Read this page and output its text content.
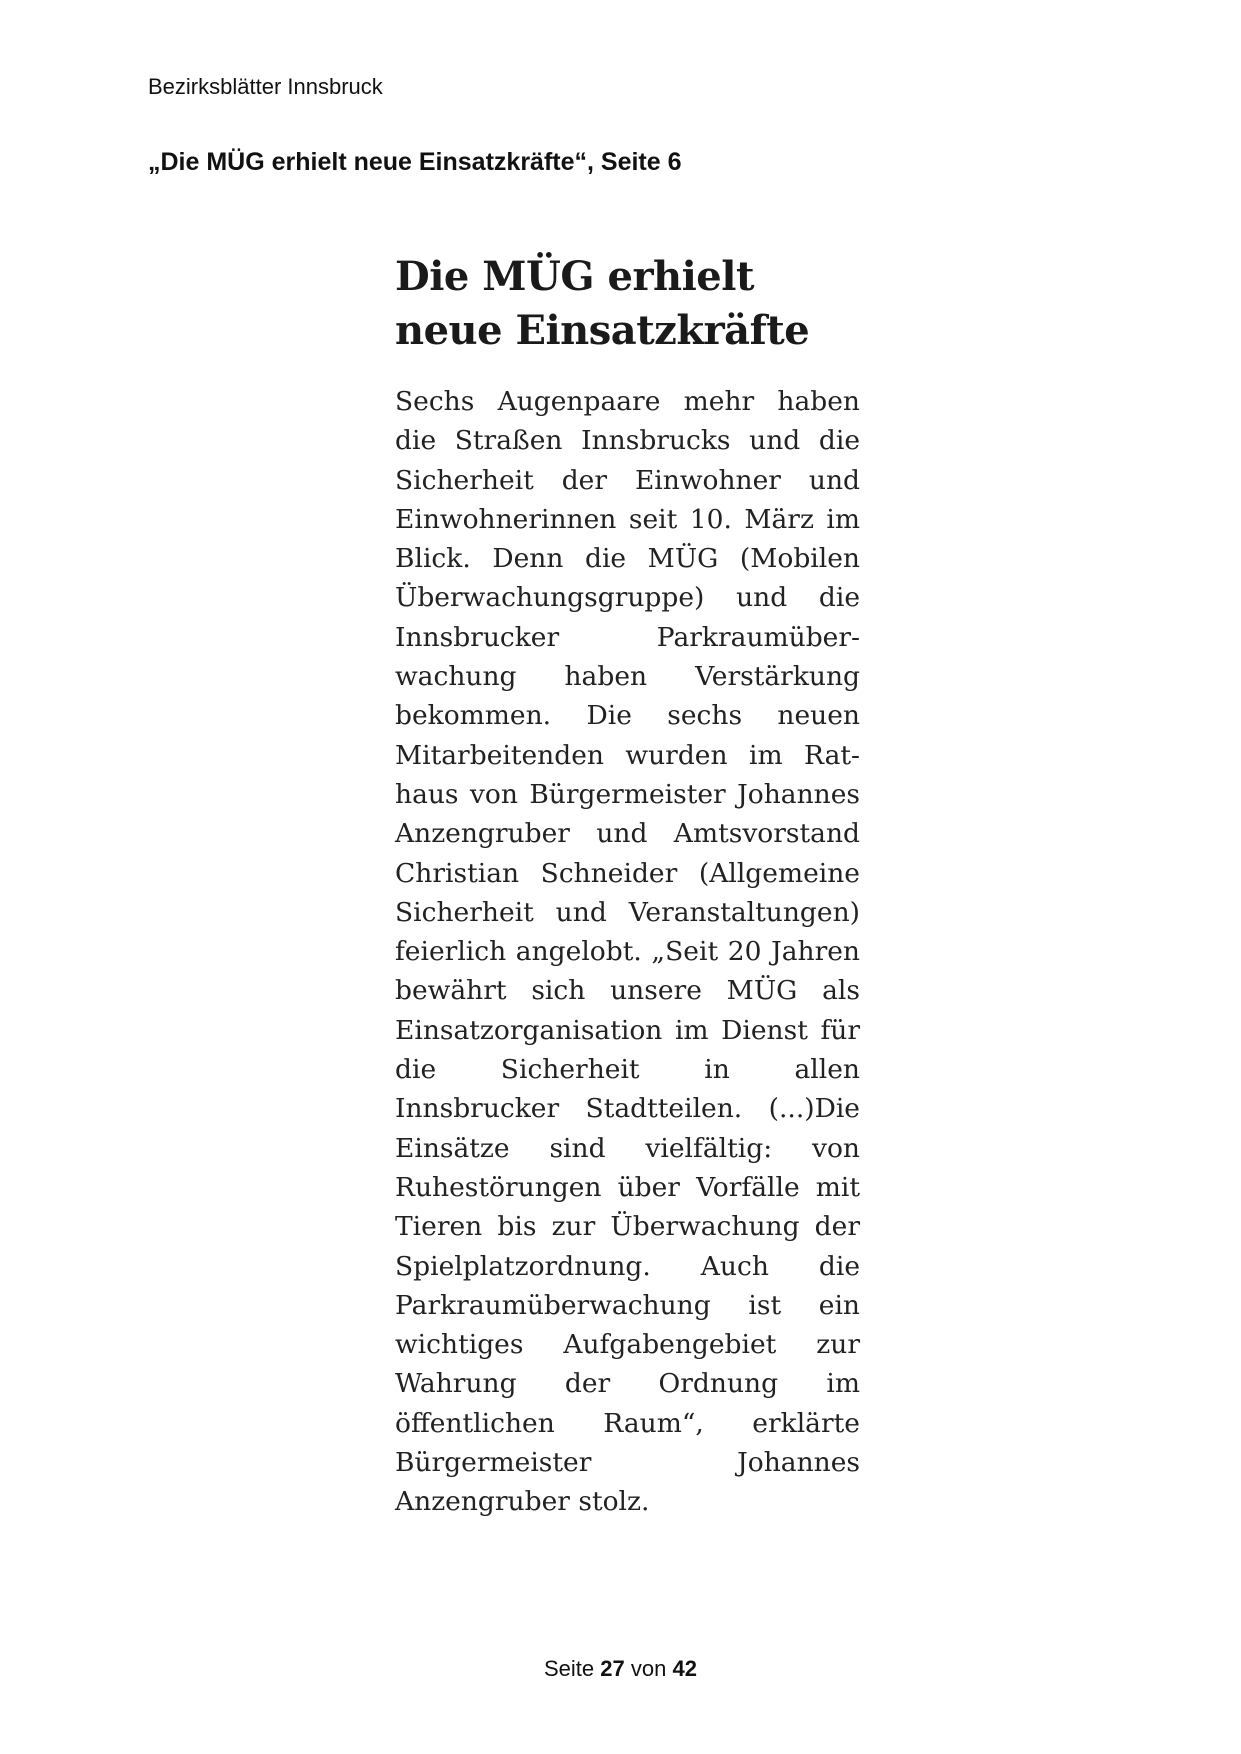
Bezirksblätter Innsbruck

„Die MÜG erhielt neue Einsatzkräfte“, Seite 6

Die MÜG erhielt
neue Einsatzkräfte

Sechs Augenpaare mehr haben die Straßen Innsbrucks und die Sicherheit der Einwohner und Einwohnerinnen seit 10. März im Blick. Denn die MÜG (Mobilen Überwachungsgruppe) und die Innsbrucker Parkraumüberwachung haben Verstärkung bekommen. Die sechs neuen Mitarbeitenden wurden im Rathaus von Bürgermeister Johannes Anzengruber und Amtsvorstand Christian Schneider (Allgemeine Sicherheit und Veranstaltungen) feierlich angelobt. „Seit 20 Jahren bewährt sich unsere MÜG als Einsatzorganisation im Dienst für die Sicherheit in allen Innsbrucker Stadtteilen. (...)Die Einsätze sind vielfältig: von Ruhestörungen über Vorfälle mit Tieren bis zur Überwachung der Spielplatzordnung. Auch die Parkraumüberwachung ist ein wichtiges Aufgabengebiet zur Wahrung der Ordnung im öffentlichen Raum“, erklärte Bürgermeister Johannes Anzengruber stolz.

Seite 27 von 42
